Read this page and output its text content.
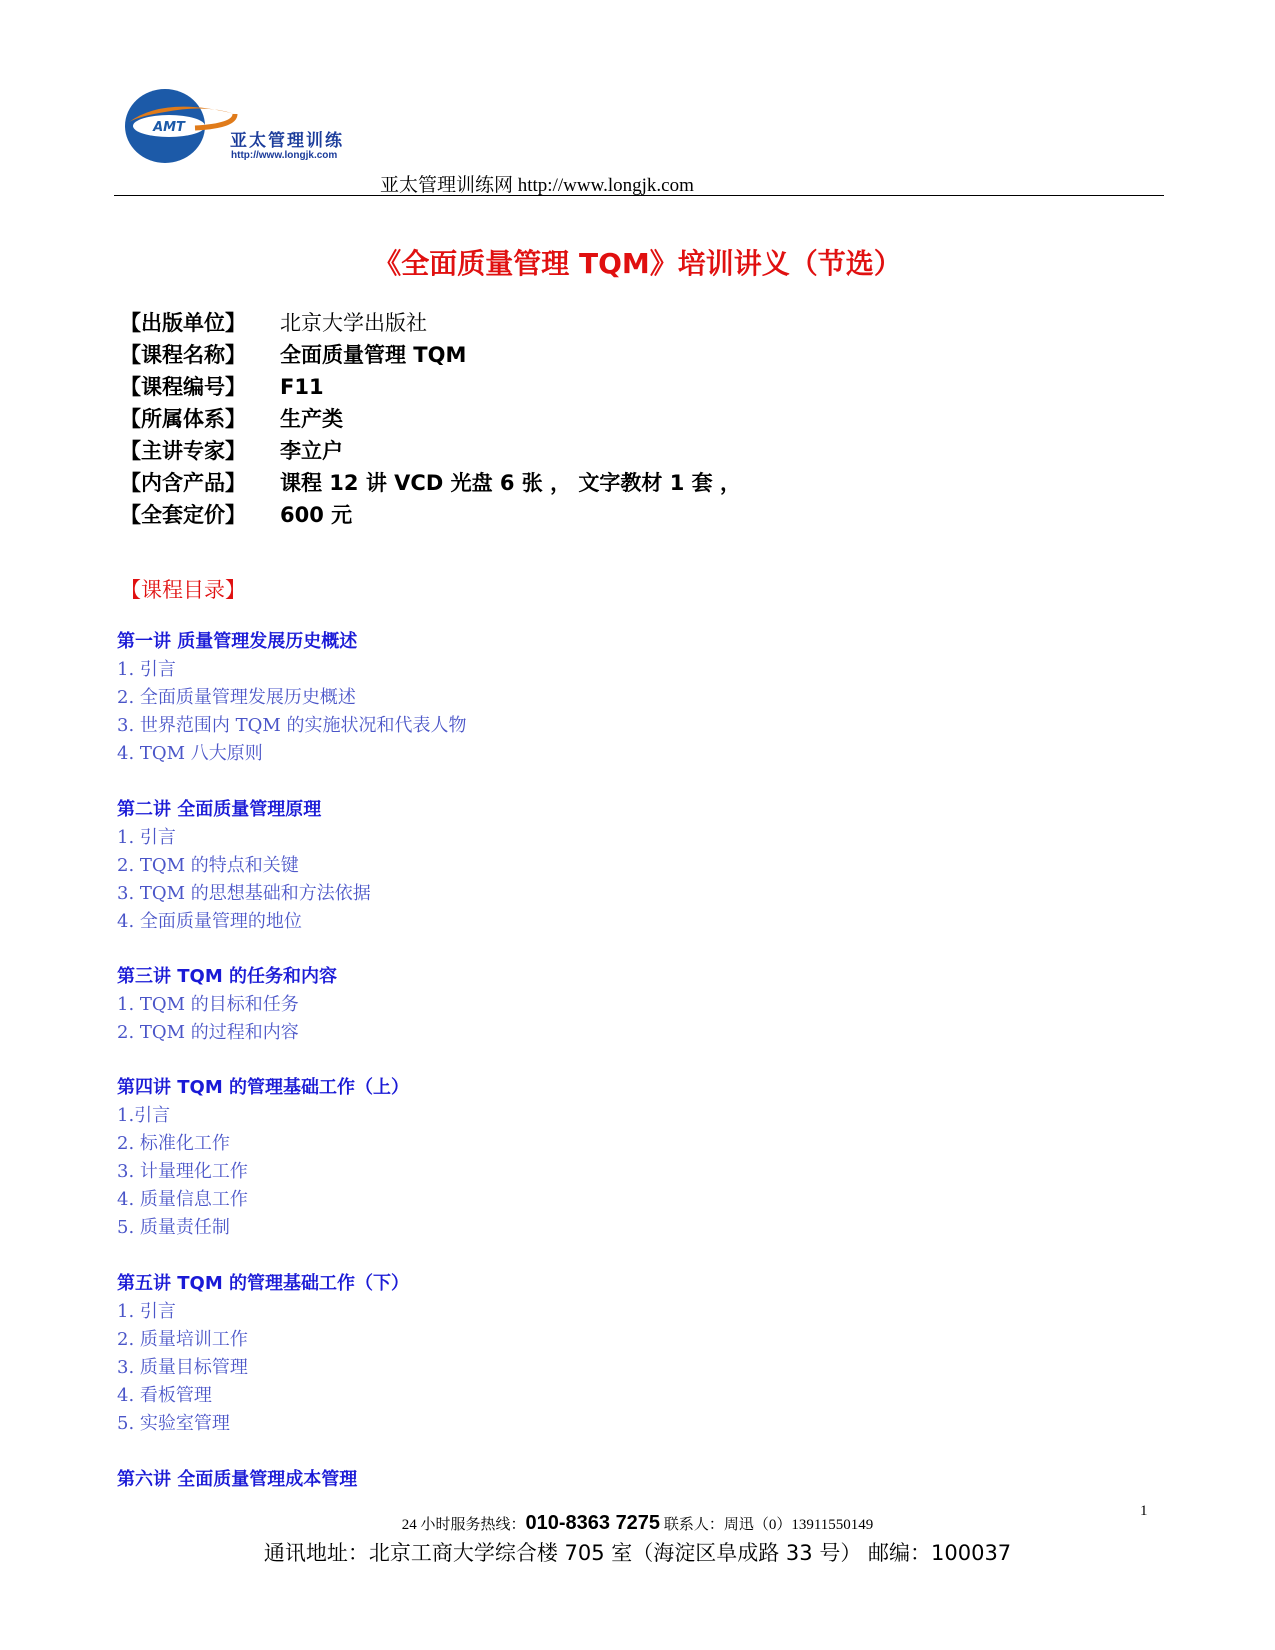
AMT
亚太管理训练
http://www.longjk.com
亚太管理训练网 http://www.longjk.com
《全面质量管理 TQM》培训讲义（节选）
【出版单位】 北京大学出版社
【课程名称】 全面质量管理 TQM
【课程编号】 F11
【所属体系】 生产类
【主讲专家】 李立户
【内含产品】 课程 12 讲 VCD 光盘 6 张 ， 文字教材 1 套 ，
【全套定价】 600 元
【课程目录】
第一讲 质量管理发展历史概述
1. 引言
2. 全面质量管理发展历史概述
3. 世界范围内 TQM 的实施状况和代表人物
4. TQM 八大原则
第二讲 全面质量管理原理
1. 引言
2. TQM 的特点和关键
3. TQM 的思想基础和方法依据
4. 全面质量管理的地位
第三讲 TQM 的任务和内容
1. TQM 的目标和任务
2. TQM 的过程和内容
第四讲 TQM 的管理基础工作（上）
1.引言
2. 标准化工作
3. 计量理化工作
4. 质量信息工作
5. 质量责任制
第五讲 TQM 的管理基础工作（下）
1. 引言
2. 质量培训工作
3. 质量目标管理
4. 看板管理
5. 实验室管理
第六讲 全面质量管理成本管理
24 小时服务热线：010-8363 7275 联系人：周迅（0）13911550149
1
通讯地址：北京工商大学综合楼 705 室（海淀区阜成路 33 号） 邮编：100037
